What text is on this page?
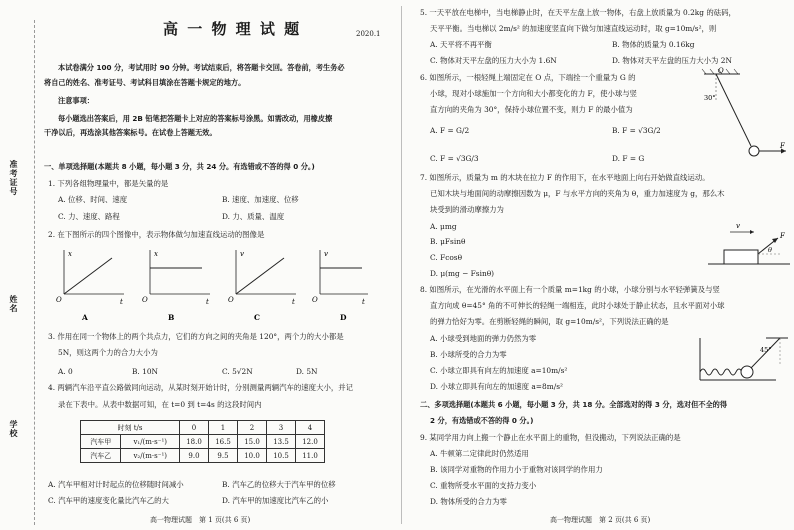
准考证号
姓名
学校
高 一 物 理 试 题	2020.1
本试卷满分 100 分，考试用时 90 分钟。考试结束后，将答题卡交回。答卷前，考生务必
将自己的姓名、准考证号、考试科目填涂在答题卡规定的地方。
注意事项：
每小题选出答案后，用 2B 铅笔把答题卡上对应的答案标号涂黑。如需改动，用橡皮擦
干净以后，再选涂其他答案标号。在试卷上答题无效。
一、单项选择题(本题共 8 小题，每小题 3 分，共 24 分。有选错或不答的得 0 分。)
1. 下列各组物理量中，都是矢量的是
A. 位移、时间、速度	B. 速度、加速度、位移
C. 力、速度、路程	D. 力、质量、温度
2. 在下图所示的四个图像中，表示物体做匀加速直线运动的图像是
x
t
O
x
t
O
v
t
O
v
t
O
A	B	C	D
3. 作用在同一个物体上的两个共点力，它们的方向之间的夹角是 120°，两个力的大小都是
5N，则这两个力的合力大小为
A. 0	B. 10N	C. 5√2N	D. 5N
4. 两辆汽车沿平直公路做同向运动，从某时刻开始计时，分别测量两辆汽车的速度大小，并记
录在下表中。从表中数据可知，在 t=0 到 t=4s 的这段时间内
时刻 t/s		0	1	2	3	4
汽车甲	v₁/(m·s⁻¹)	18.0	16.5	15.0	13.5	12.0
汽车乙	v₂/(m·s⁻¹)	9.0	9.5	10.0	10.5	11.0
A. 汽车甲相对计时起点的位移随时间减小	B. 汽车乙的位移大于汽车甲的位移
C. 汽车甲的速度变化量比汽车乙的大	D. 汽车甲的加速度比汽车乙的小
高一物理试题　第 1 页(共 6 页)
5. 一天平放在电梯中，当电梯静止时，在天平左盘上放一物体，右盘上放质量为 0.2kg 的砝码，
天平平衡。当电梯以 2m/s² 的加速度竖直向下做匀加速直线运动时，取 g=10m/s²，则
A. 天平将不再平衡	B. 物体的质量为 0.16kg
C. 物体对天平左盘的压力大小为 1.6N	D. 物体对天平左盘的压力大小为 2N
6. 如图所示，一根轻绳上端固定在 O 点，下端拴一个重量为 G 的
小球，现对小球施加一个方向和大小都变化的力 F，使小球与竖
直方向的夹角为 30°，保持小球位置不变，则力 F 的最小值为
A. F = G/2	B. F = √3G/2
C. F = √3G/3	D. F = G
O
30°
F
7. 如图所示，质量为 m 的木块在拉力 F 的作用下，在水平地面上向右开始做直线运动。
已知木块与地面间的动摩擦因数为 μ，F 与水平方向的夹角为 θ，重力加速度为 g，那么木
块受到的滑动摩擦力为
A. μmg
B. μFsinθ
C. Fcosθ
D. μ(mg − Fsinθ)
v
F
θ
8. 如图所示，在光滑的水平面上有一个质量 m=1kg 的小球，小球分别与水平轻弹簧及与竖
直方向成 θ=45° 角的不可伸长的轻绳一端相连，此时小球处于静止状态，且水平面对小球
的弹力恰好为零。在剪断轻绳的瞬间，取 g=10m/s²，下列说法正确的是
A. 小球受到地面的弹力仍然为零
B. 小球所受的合力为零
C. 小球立即具有向左的加速度 a=10m/s²
D. 小球立即具有向左的加速度 a=8m/s²
45°
二、多项选择题(本题共 6 小题，每小题 3 分，共 18 分。全部选对的得 3 分，选对但不全的得
2 分，有选错或不答的得 0 分。)
9. 某同学用力向上搬一个静止在水平面上的重物，但没搬动，下列说法正确的是
A. 牛顿第二定律此时仍然适用
B. 该同学对重物的作用力小于重物对该同学的作用力
C. 重物所受水平面的支持力变小
D. 物体所受的合力为零
高一物理试题　第 2 页(共 6 页)
